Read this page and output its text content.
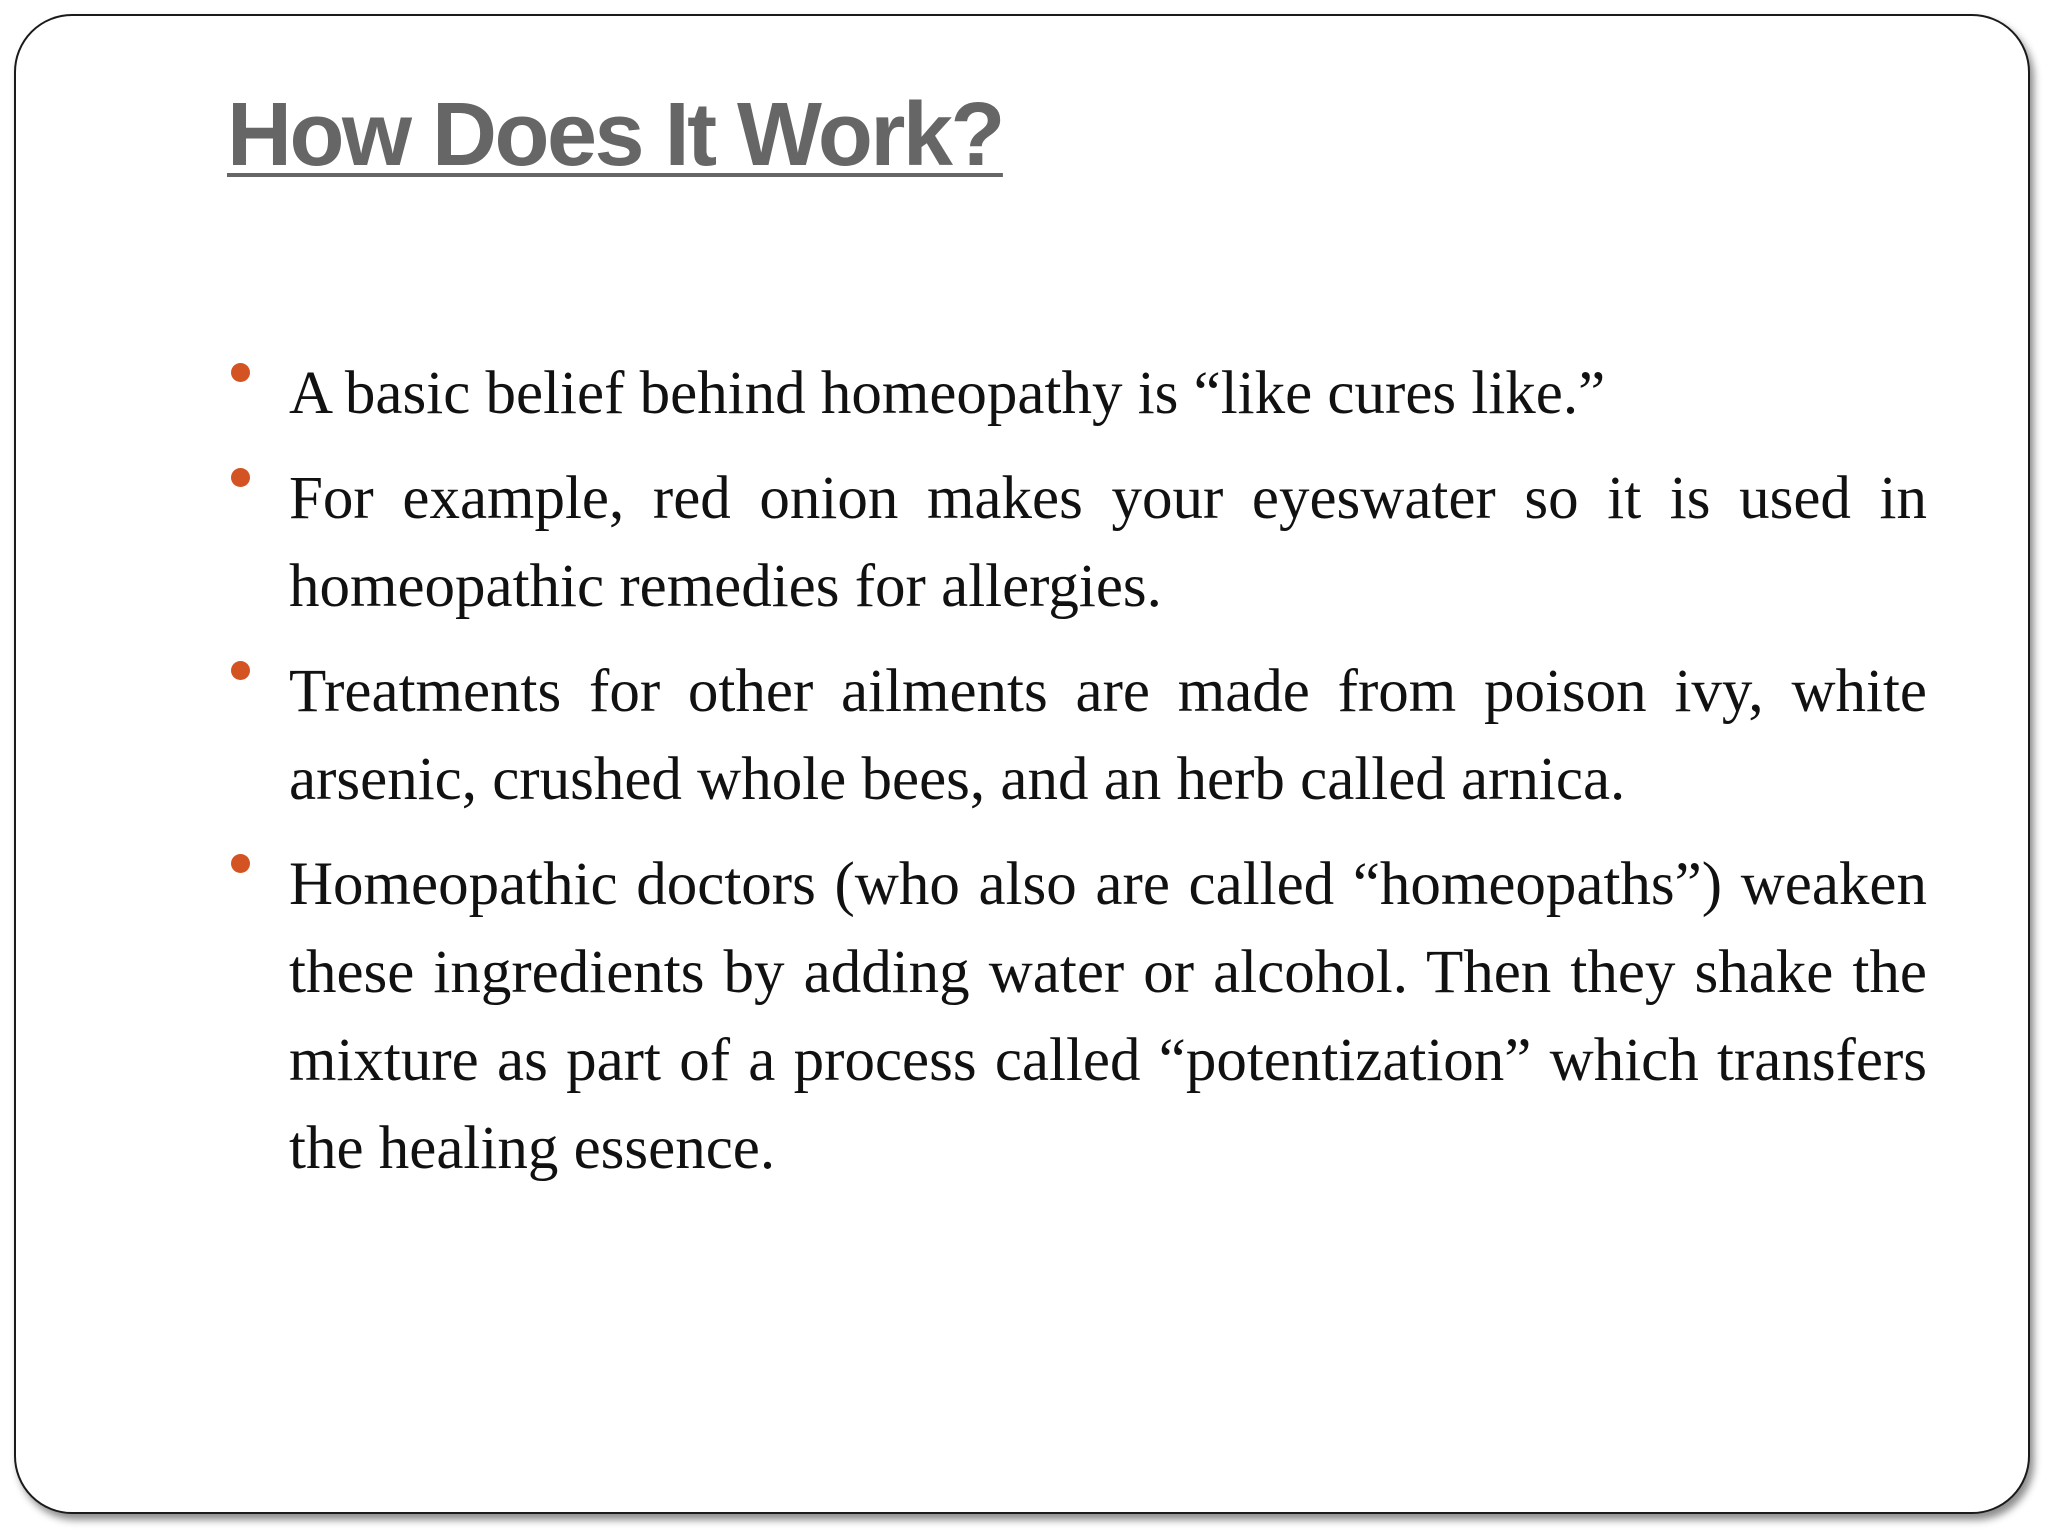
How Does It Work?
A basic belief behind homeopathy is “like cures like.”
For example, red onion makes your eyeswater so it is used in homeopathic remedies for allergies.
Treatments for other ailments are made from poison ivy, white arsenic, crushed whole bees, and an herb called arnica.
Homeopathic doctors (who also are called “homeopaths”) weaken these ingredients by adding water or alcohol. Then they shake the mixture as part of a process called “potentization” which transfers the healing essence.
